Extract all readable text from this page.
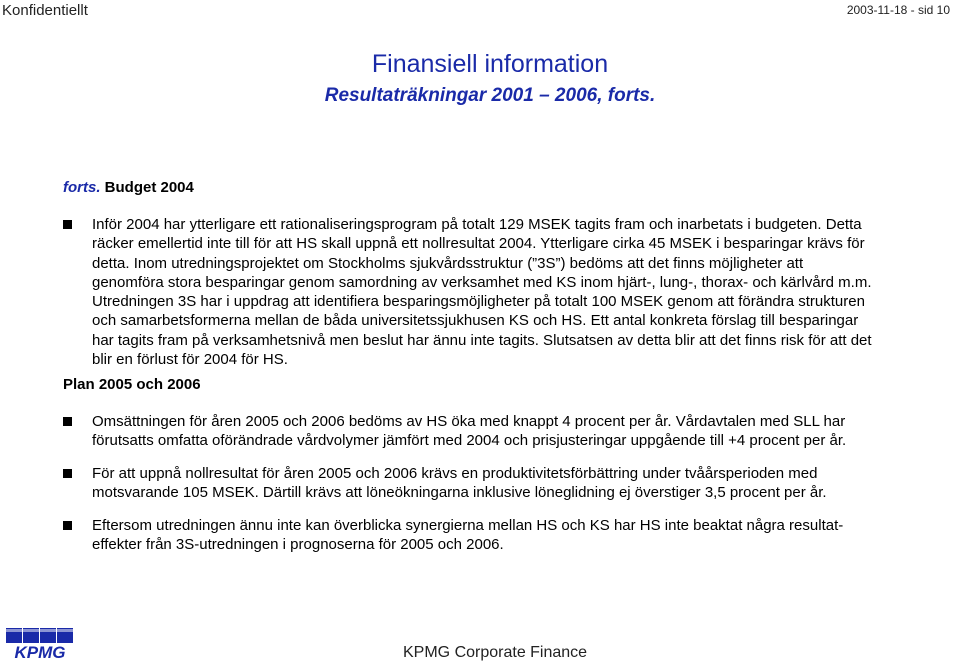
Konfidentiellt	2003-11-18 - sid 10
Finansiell information
Resultaträkningar 2001 – 2006, forts.
forts. Budget 2004
Inför 2004 har ytterligare ett rationaliseringsprogram på totalt 129 MSEK tagits fram och inarbetats i budgeten. Detta
räcker emellertid inte till för att HS skall uppnå ett nollresultat 2004. Ytterligare cirka 45 MSEK i besparingar krävs för
detta. Inom utredningsprojektet om Stockholms sjukvårdsstruktur (”3S”) bedöms att det finns möjligheter att
genomföra stora besparingar genom samordning av verksamhet med KS inom hjärt-, lung-, thorax- och kärlvård m.m.
Utredningen 3S har i uppdrag att identifiera besparingsmöjligheter på totalt 100 MSEK genom att förändra strukturen
och samarbetsformerna mellan de båda universitetssjukhusen KS och HS. Ett antal konkreta förslag till besparingar
har tagits fram på verksamhetsnivå men beslut har ännu inte tagits. Slutsatsen av detta blir att det finns risk för att det
blir en förlust för 2004 för HS.
Plan 2005 och 2006
Omsättningen för åren 2005 och 2006 bedöms av HS öka med knappt 4 procent per år. Vårdavtalen med SLL har
förutsatts omfatta oförändrade vårdvolymer jämfört med 2004 och prisjusteringar uppgående till +4 procent per år.
För att uppnå nollresultat för åren 2005 och 2006 krävs en produktivitetsförbättring under tvåårsperioden med
motsvarande 105 MSEK. Därtill krävs att löneökningarna inklusive löneglidning ej överstiger 3,5 procent per år.
Eftersom utredningen ännu inte kan överblicka synergierna mellan HS och KS har HS inte beaktat några resultat-
effekter från 3S-utredningen i prognoserna för 2005 och 2006.
KPMG	KPMG Corporate Finance
